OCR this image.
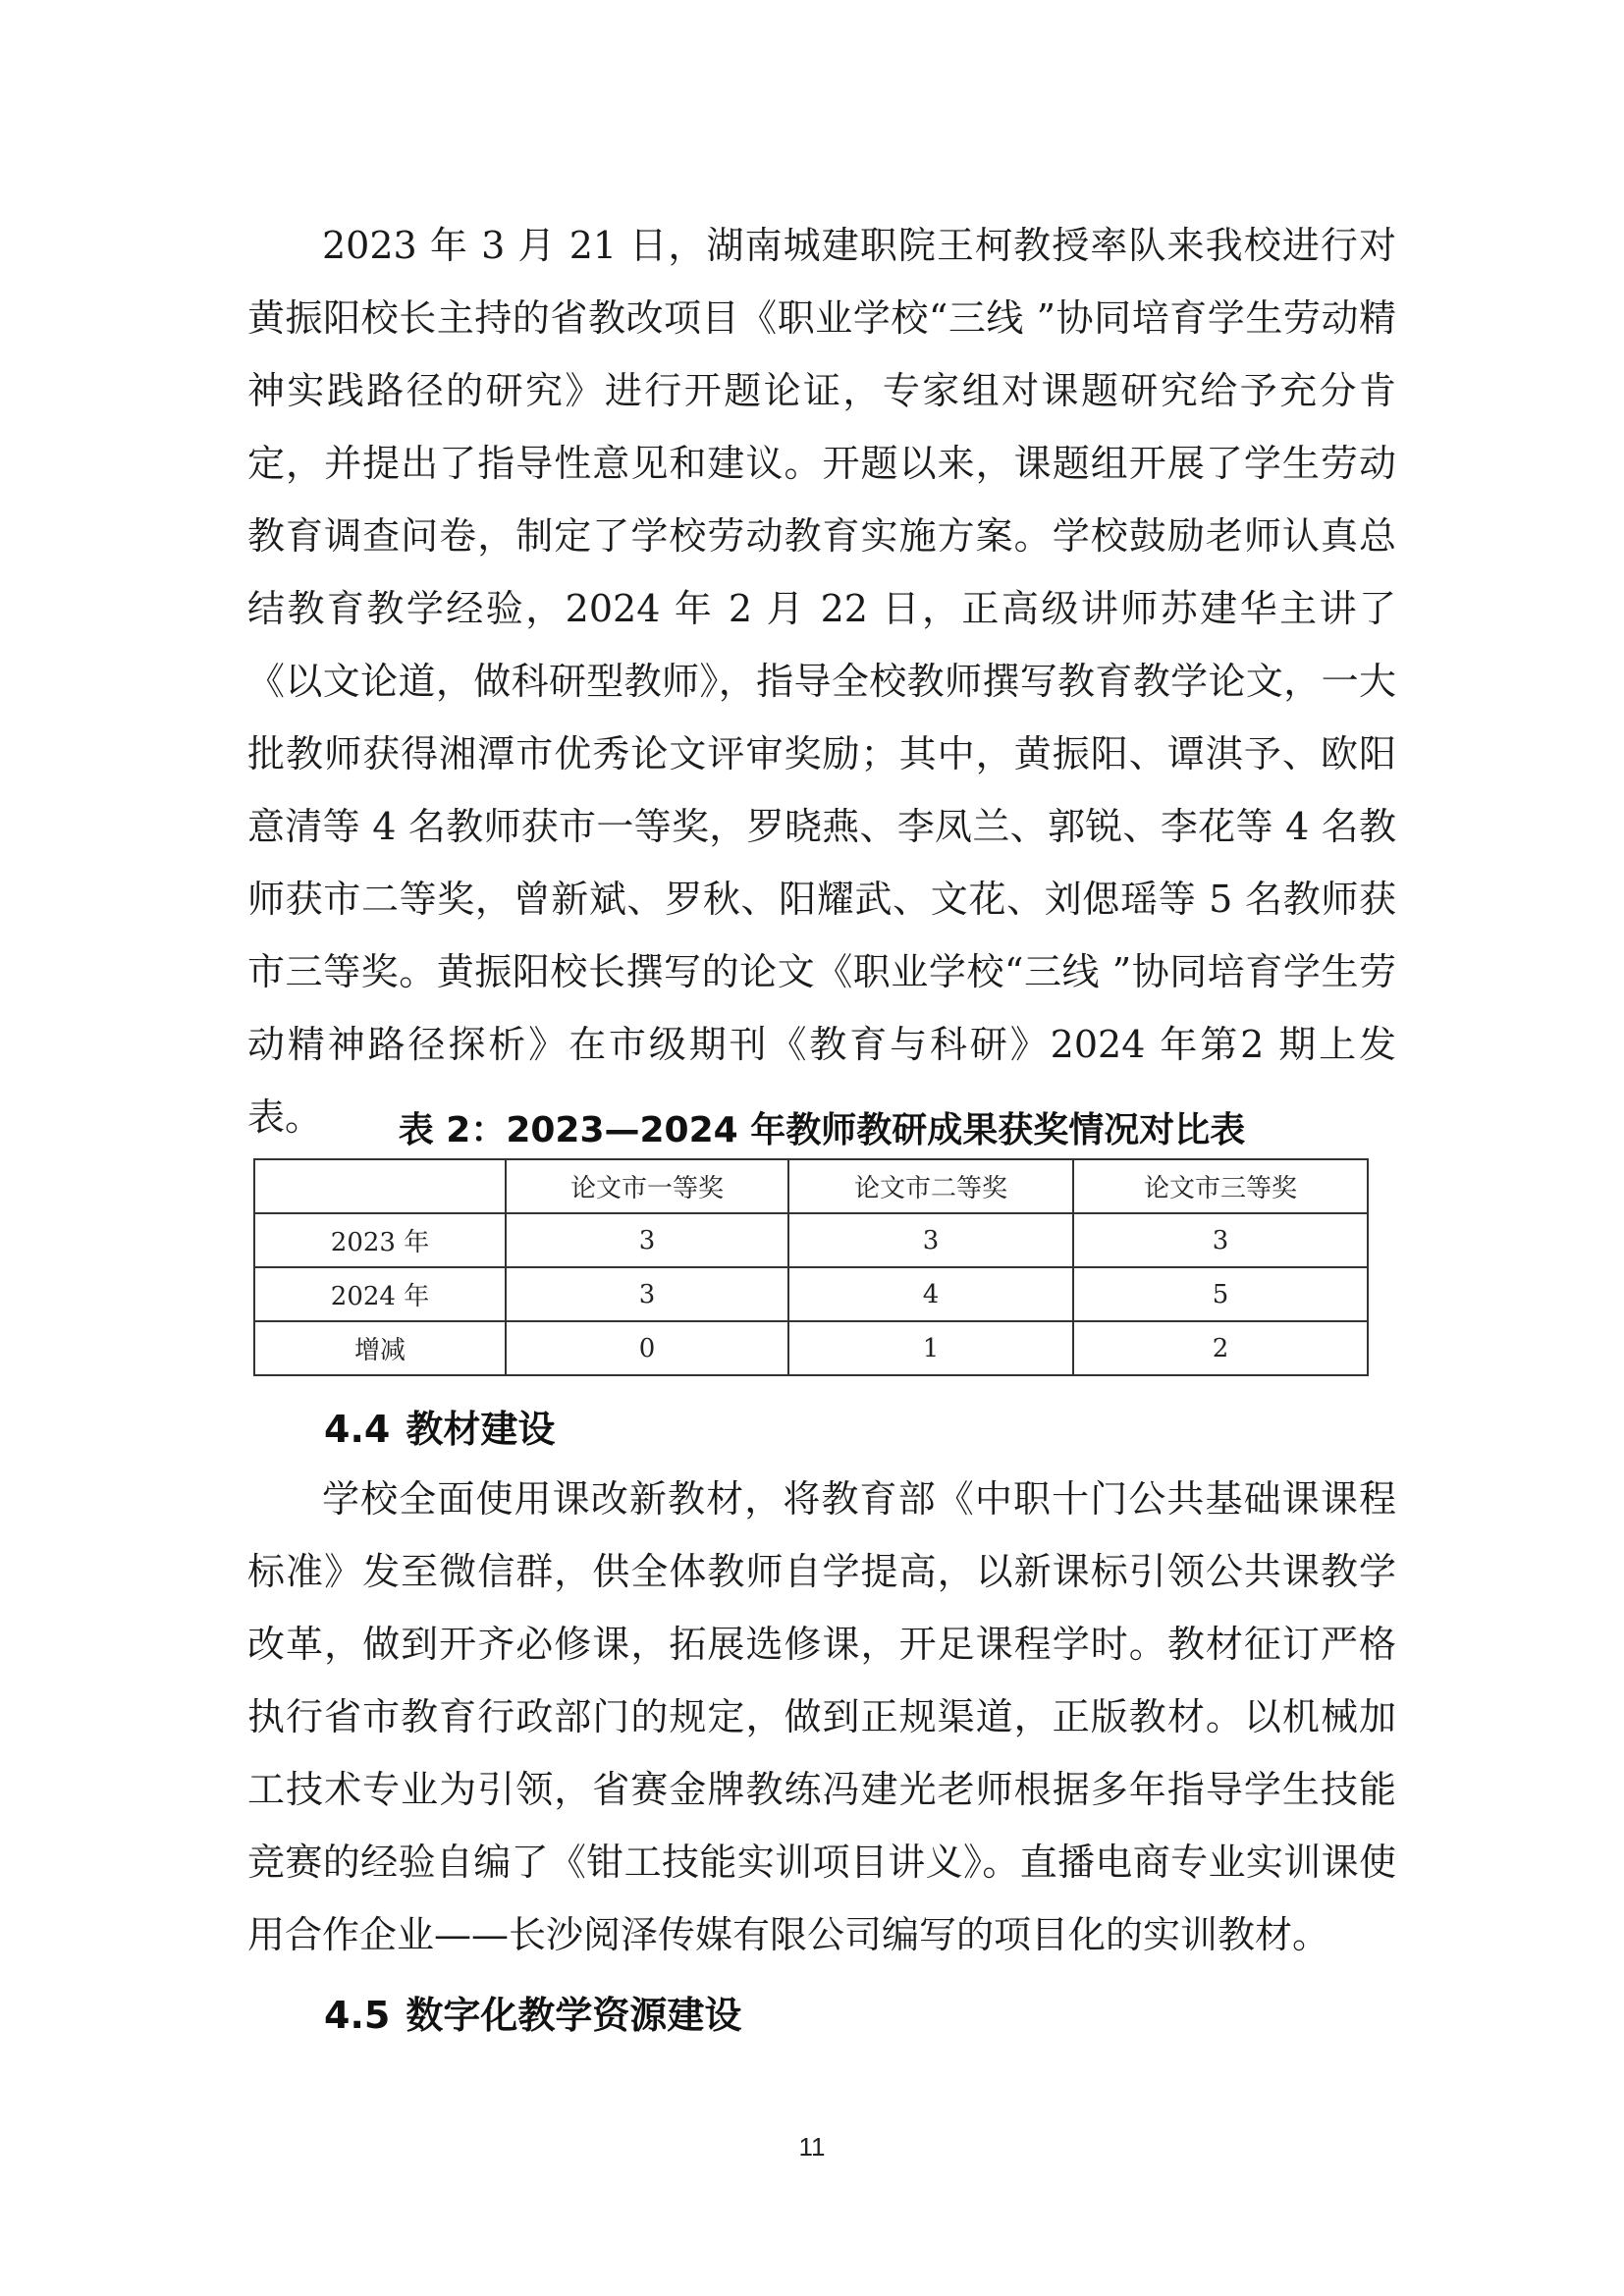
2023 年 3 月 21 日，湖南城建职院王柯教授率队来我校进行对黄振阳校长主持的省教改项目《职业学校“三线 ”协同培育学生劳动精神实践路径的研究》进行开题论证，专家组对课题研究给予充分肯定，并提出了指导性意见和建议。开题以来，课题组开展了学生劳动教育调查问卷，制定了学校劳动教育实施方案。学校鼓励老师认真总结教育教学经验，2024 年 2 月 22 日，正高级讲师苏建华主讲了《以文论道，做科研型教师》，指导全校教师撰写教育教学论文，一大批教师获得湘潭市优秀论文评审奖励；其中，黄振阳、谭淇予、欧阳意清等 4 名教师获市一等奖，罗晓燕、李凤兰、郭锐、李花等 4 名教师获市二等奖，曾新斌、罗秋、阳耀武、文花、刘偲瑶等 5 名教师获市三等奖。黄振阳校长撰写的论文《职业学校“三线 ”协同培育学生劳动精神路径探析》在市级期刊《教育与科研》2024 年第2 期上发表。	表 2：2023—2024 年教师教研成果获奖情况对比表

	论文市一等奖	论文市二等奖	论文市三等奖
2023 年	3	3	3
2024 年	3	4	5
增减	0	1	2
4.4 教材建设

学校全面使用课改新教材，将教育部《中职十门公共基础课课程标准》发至微信群，供全体教师自学提高，以新课标引领公共课教学改革，做到开齐必修课，拓展选修课，开足课程学时。教材征订严格执行省市教育行政部门的规定，做到正规渠道，正版教材。以机械加工技术专业为引领，省赛金牌教练冯建光老师根据多年指导学生技能竞赛的经验自编了《钳工技能实训项目讲义》。直播电商专业实训课使用合作企业——长沙阅泽传媒有限公司编写的项目化的实训教材。

4.5 数字化教学资源建设

11
